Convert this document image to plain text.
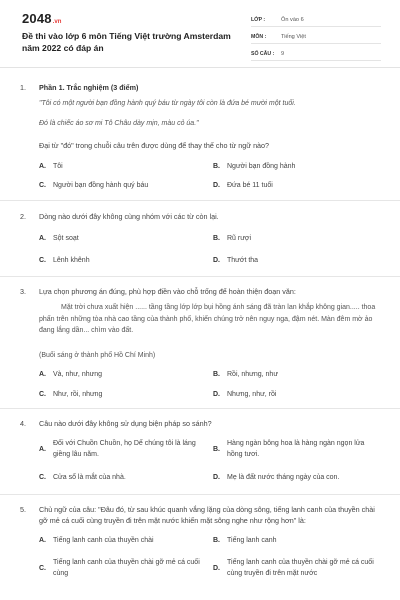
2048 .vn
Đề thi vào lớp 6 môn Tiếng Việt trường Amsterdam năm 2022 có đáp án
LỚP :	Ôn vào 6
MÔN :	Tiếng Việt
SỐ CÂU :	9
1. Phần 1. Trắc nghiệm (3 điểm)
"Tôi có một người bạn đồng hành quý báu từ ngày tôi còn là đứa bé mười một tuổi.
Đó là chiếc áo sơ mi Tô Châu dày mịn, màu cỏ úa."
Đại từ "đó" trong chuỗi câu trên được dùng để thay thế cho từ ngữ nào?
A. Tôi	B. Người bạn đồng hành
C. Người bạn đồng hành quý báu	D. Đứa bé 11 tuổi
2. Dòng nào dưới đây không cùng nhóm với các từ còn lại.
A. Sột soạt	B. Rũ rượi
C. Lênh khênh	D. Thướt tha
3. Lựa chọn phương án đúng, phù hợp điền vào chỗ trống để hoàn thiện đoạn văn:
Mặt trời chưa xuất hiện ...... tầng tầng lớp lớp bụi hồng ánh sáng đã tràn lan khắp không gian..... thoa phấn trên những tòa nhà cao tầng của thành phố, khiến chúng trở nên nguy nga, đậm nét. Màn đêm mờ ảo đang lắng dần... chìm vào đất.
(Buổi sáng ở thành phố Hồ Chí Minh)
A. Và, như, nhưng	B. Rồi, nhưng, như
C. Như, rồi, nhưng	D. Nhưng, như, rồi
4. Câu nào dưới đây không sử dụng biện pháp so sánh?
A.
Đối với Chuồn Chuồn, họ Dế chúng tôi là láng giềng lâu năm.
B.
Hàng ngàn bông hoa là hàng ngàn ngọn lửa hồng tươi.
C. Cửa sổ là mắt của nhà.	D. Mẹ là đất nước tháng ngày của con.
5. Chủ ngữ của câu: "Đâu đó, từ sau khúc quanh vắng lặng của dòng sông, tiếng lanh canh của thuyền chài gỡ mẻ cá cuối cùng truyền đi trên mặt nước khiến mặt sông nghe như rộng hơn" là:
A. Tiếng lanh canh của thuyền chài	B. Tiếng lanh canh
C.
Tiếng lanh canh của thuyền chài gỡ mẻ cá cuối cùng
D.
Tiếng lanh canh của thuyền chài gỡ mẻ cá cuối cùng truyền đi trên mặt nước
